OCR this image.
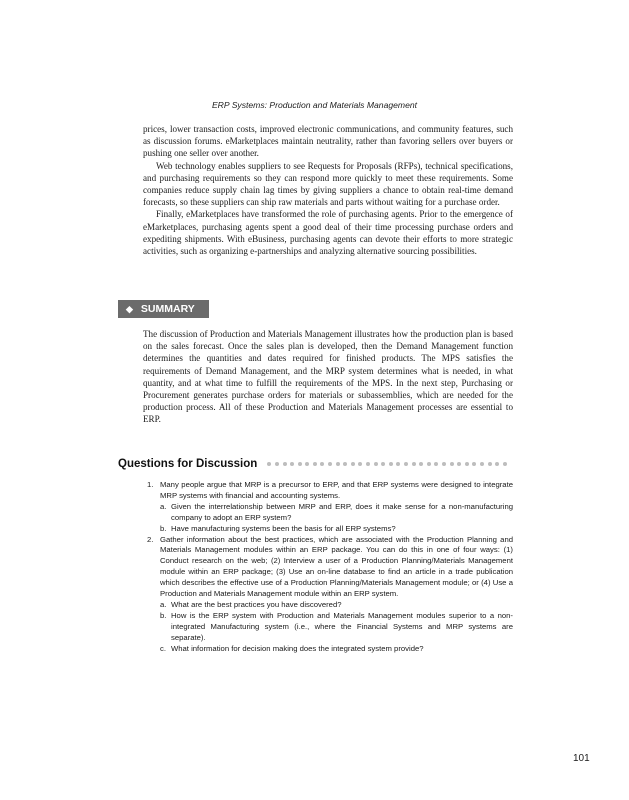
ERP Systems: Production and Materials Management

prices, lower transaction costs, improved electronic communications, and community features, such as discussion forums. eMarketplaces maintain neutrality, rather than favoring sellers over buyers or pushing one seller over another.

Web technology enables suppliers to see Requests for Proposals (RFPs), technical specifications, and purchasing requirements so they can respond more quickly to meet these requirements. Some companies reduce supply chain lag times by giving suppliers a chance to obtain real-time demand forecasts, so these suppliers can ship raw materials and parts without waiting for a purchase order.

Finally, eMarketplaces have transformed the role of purchasing agents. Prior to the emergence of eMarketplaces, purchasing agents spent a good deal of their time processing purchase orders and expediting shipments. With eBusiness, purchasing agents can devote their efforts to more strategic activities, such as organizing e-partnerships and analyzing alternative sourcing possibilities.

◆ SUMMARY

The discussion of Production and Materials Management illustrates how the production plan is based on the sales forecast. Once the sales plan is developed, then the Demand Management function determines the quantities and dates required for finished products. The MPS satisfies the requirements of Demand Management, and the MRP system determines what is needed, in what quantity, and at what time to fulfill the requirements of the MPS. In the next step, Purchasing or Procurement generates purchase orders for materials or subassemblies, which are needed for the production process. All of these Production and Materials Management processes are essential to ERP.

Questions for Discussion
1. Many people argue that MRP is a precursor to ERP, and that ERP systems were designed to integrate MRP systems with financial and accounting systems.
a. Given the interrelationship between MRP and ERP, does it make sense for a non-manufacturing company to adopt an ERP system?
b. Have manufacturing systems been the basis for all ERP systems?
2. Gather information about the best practices, which are associated with the Production Planning and Materials Management modules within an ERP package. You can do this in one of four ways: (1) Conduct research on the web; (2) Interview a user of a Production Planning/Materials Management module within an ERP package; (3) Use an on-line database to find an article in a trade publication which describes the effective use of a Production Planning/Materials Management module; or (4) Use a Production and Materials Management module within an ERP system.
a. What are the best practices you have discovered?
b. How is the ERP system with Production and Materials Management modules superior to a non-integrated Manufacturing system (i.e., where the Financial Systems and MRP systems are separate).
c. What information for decision making does the integrated system provide?
101
